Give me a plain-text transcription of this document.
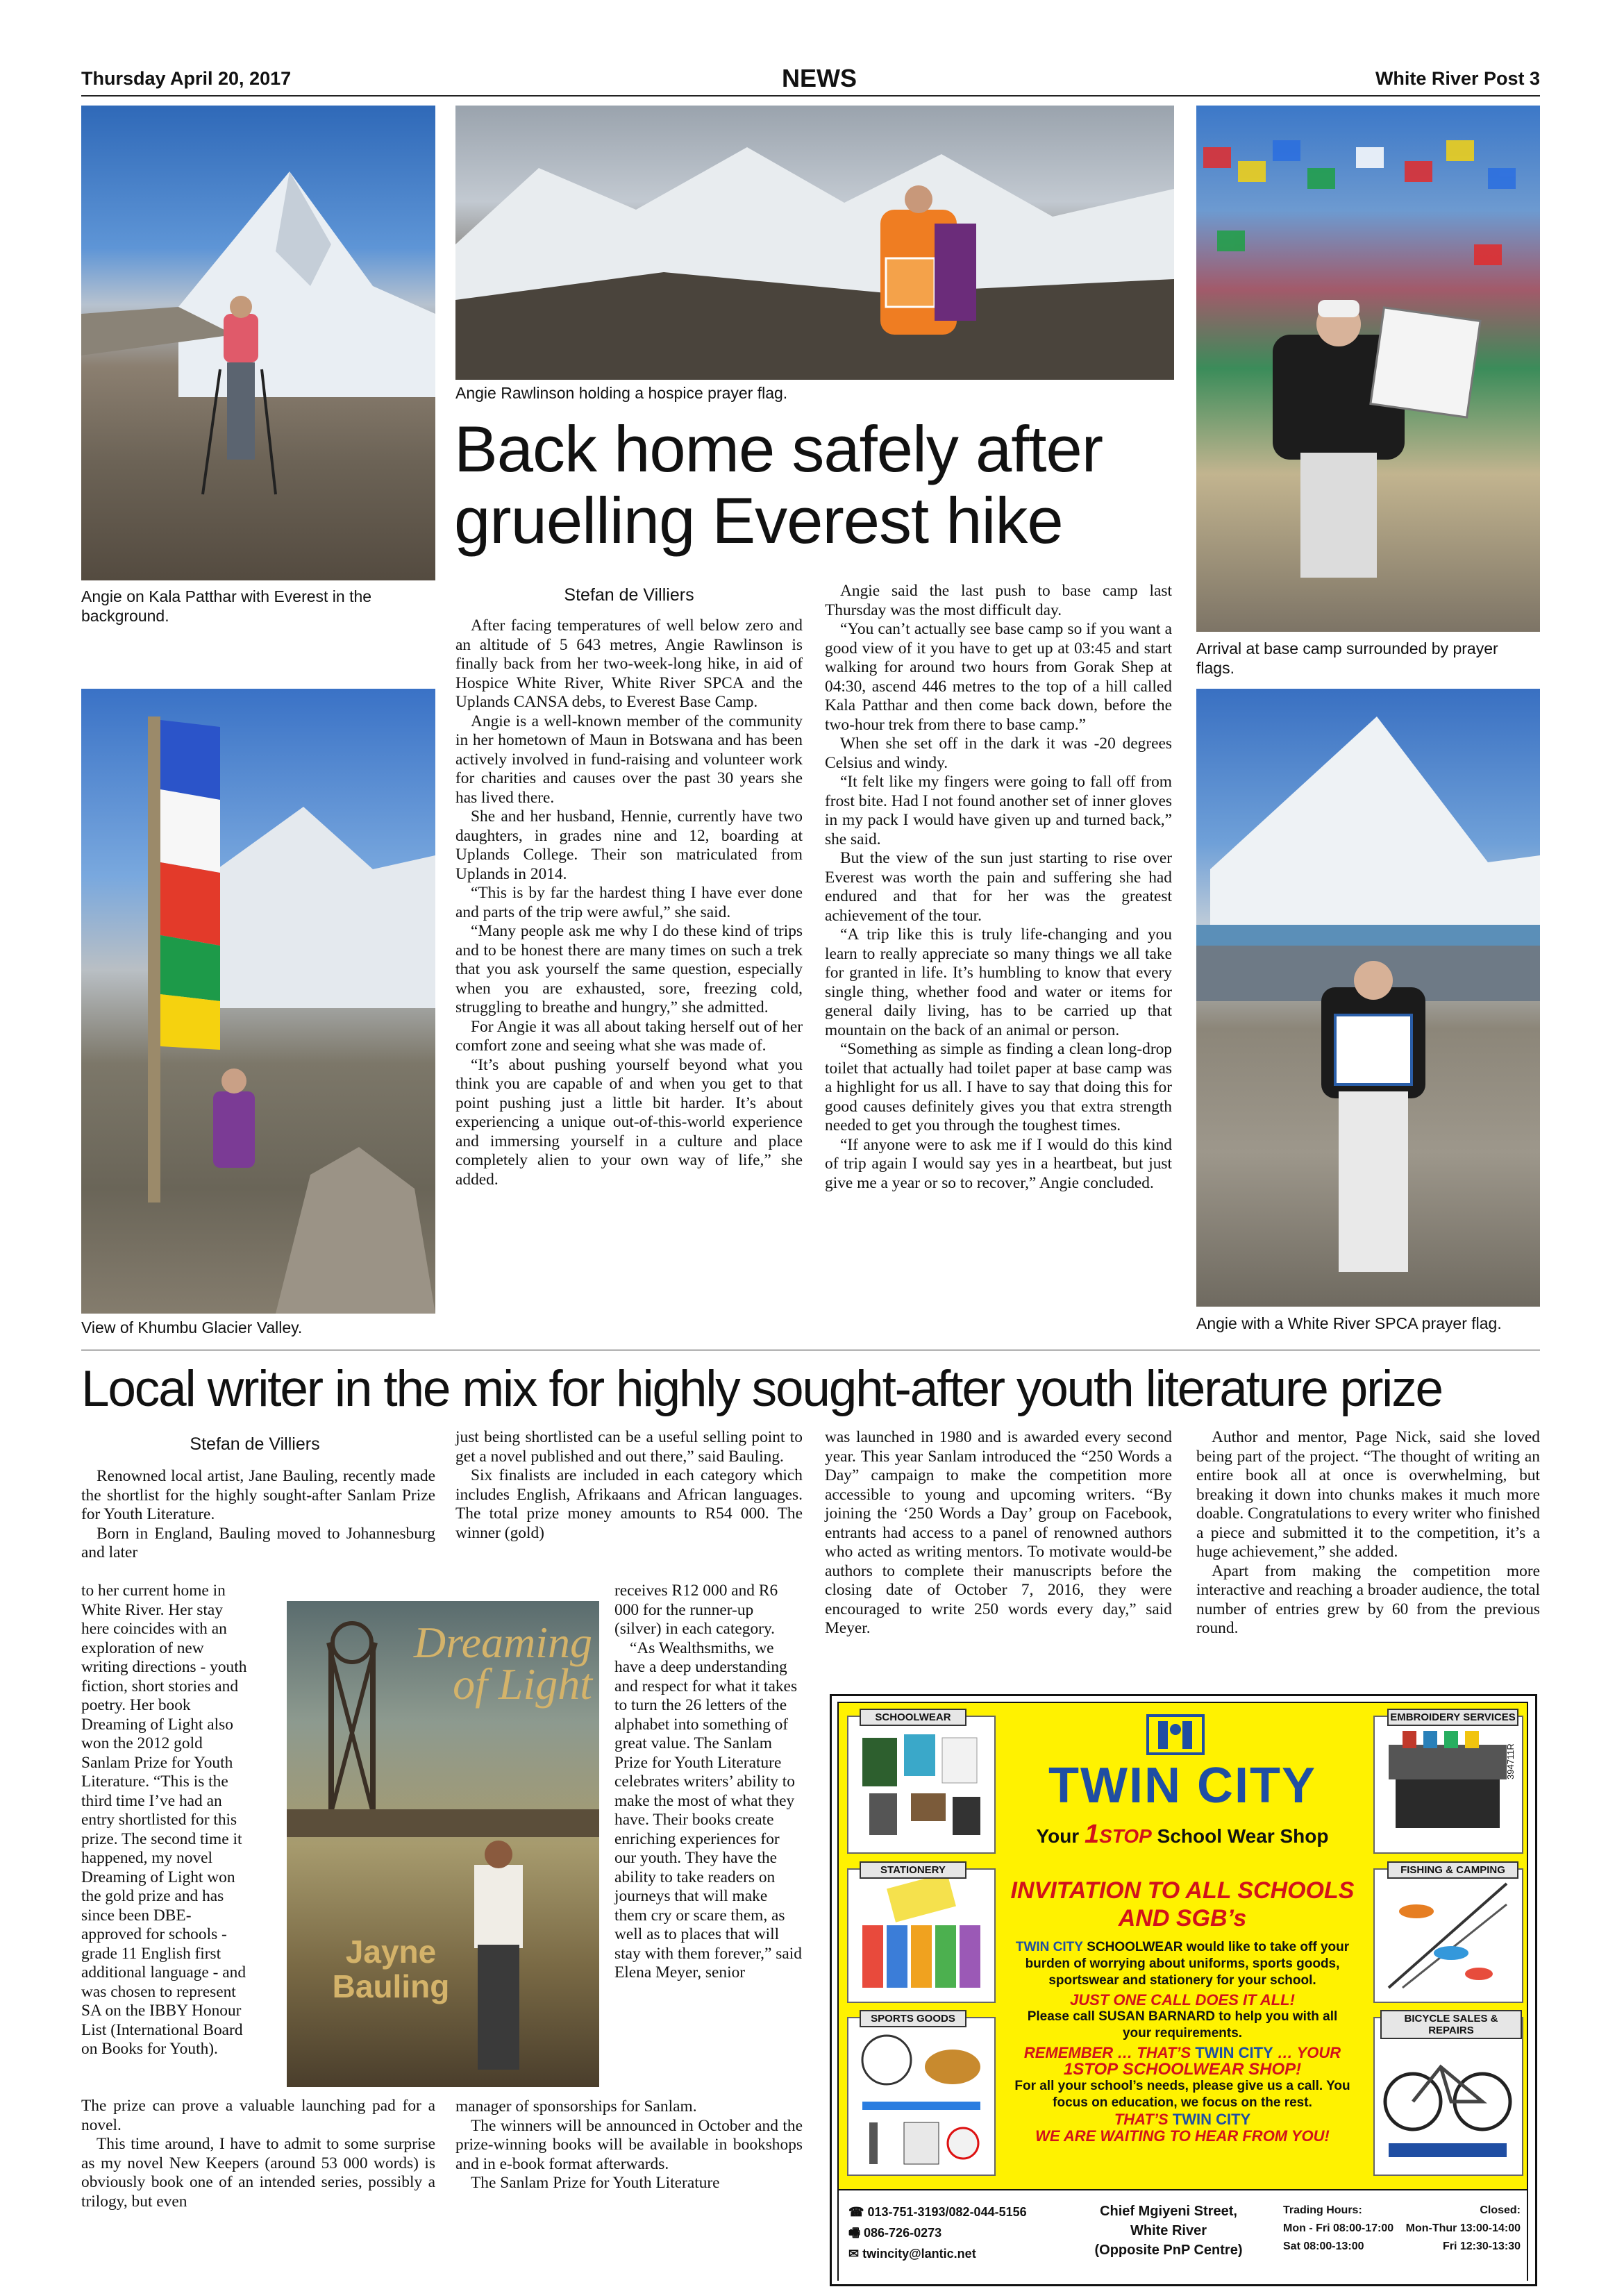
Thursday April 20, 2017	NEWS	White River Post 3
Angie on Kala Patthar with Everest in the background.
Angie Rawlinson holding a hospice prayer flag.
Arrival at base camp surrounded by prayer flags.
View of Khumbu Glacier Valley.	Angie with a White River SPCA prayer flag.
Back home safely after
gruelling Everest hike
Stefan de Villiers

After facing temperatures of well below zero and an altitude of 5 643 metres, Angie Rawlinson is finally back from her two-week-long hike, in aid of Hospice White River, White River SPCA and the Uplands CANSA debs, to Everest Base Camp.

Angie is a well-known member of the community in her hometown of Maun in Botswana and has been actively involved in fund-raising and volunteer work for charities and causes over the past 30 years she has lived there.

She and her husband, Hennie, currently have two daughters, in grades nine and 12, boarding at Uplands College. Their son matriculated from Uplands in 2014.

“This is by far the hardest thing I have ever done and parts of the trip were awful,” she said.

“Many people ask me why I do these kind of trips and to be honest there are many times on such a trek that you ask yourself the same question, especially when you are exhausted, sore, freezing cold, struggling to breathe and hungry,” she admitted.

For Angie it was all about taking herself out of her comfort zone and seeing what she was made of.

“It’s about pushing yourself beyond what you think you are capable of and when you get to that point pushing just a little bit harder. It’s about experiencing a unique out-of-this-world experience and immersing yourself in a culture and place completely alien to your own way of life,” she added.

Angie said the last push to base camp last Thursday was the most difficult day.

“You can’t actually see base camp so if you want a good view of it you have to get up at 03:45 and start walking for around two hours from Gorak Shep at 04:30, ascend 446 metres to the top of a hill called Kala Patthar and then come back down, before the two-hour trek from there to base camp.”

When she set off in the dark it was -20 degrees Celsius and windy.

“It felt like my fingers were going to fall off from frost bite. Had I not found another set of inner gloves in my pack I would have given up and turned back,” she said.

But the view of the sun just starting to rise over Everest was worth the pain and suffering she had endured and that for her was the greatest achievement of the tour.

“A trip like this is truly life-changing and you learn to really appreciate so many things we all take for granted in life. It’s humbling to know that every single thing, whether food and water or items for general daily living, has to be carried up that mountain on the back of an animal or person.

“Something as simple as finding a clean long-drop toilet that actually had toilet paper at base camp was a highlight for us all. I have to say that doing this for good causes definitely gives you that extra strength needed to get you through the toughest times.

“If anyone were to ask me if I would do this kind of trip again I would say yes in a heartbeat, but just give me a year or so to recover,” Angie concluded.

Local writer in the mix for highly sought-after youth literature prize
Stefan de Villiers

Renowned local artist, Jane Bauling, recently made the shortlist for the highly sought-after Sanlam Prize for Youth Literature.

Born in England, Bauling moved to Johannesburg and later

to her current home in White River. Her stay here coincides with an exploration of new writing directions - youth fiction, short stories and poetry. Her book Dreaming of Light also won the 2012 gold Sanlam Prize for Youth Literature. “This is the third time I’ve had an entry shortlisted for this prize. The second time it happened, my novel Dreaming of Light won the gold prize and has since been DBE-approved for schools - grade 11 English first additional language - and was chosen to represent SA on the IBBY Honour List (International Board on Books for Youth).

The prize can prove a valuable launching pad for a novel.

This time around, I have to admit to some surprise as my novel New Keepers (around 53 000 words) is obviously book one of an intended series, possibly a trilogy, but even

Dreaming
of Light
Jayne
Bauling

just being shortlisted can be a useful selling point to get a novel published and out there,” said Bauling.

Six finalists are included in each category which includes English, Afrikaans and African languages. The total prize money amounts to R54 000. The winner (gold)

receives R12 000 and R6 000 for the runner-up (silver) in each category.

“As Wealthsmiths, we have a deep understanding and respect for what it takes to turn the 26 letters of the alphabet into something of great value. The Sanlam Prize for Youth Literature celebrates writers’ ability to make the most of what they have. Their books create enriching experiences for our youth. They have the ability to take readers on journeys that will make them cry or scare them, as well as to places that will stay with them forever,” said Elena Meyer, senior

manager of sponsorships for Sanlam.

The winners will be announced in October and the prize-winning books will be available in bookshops and in e-book format afterwards.

The Sanlam Prize for Youth Literature

was launched in 1980 and is awarded every second year. This year Sanlam introduced the “250 Words a Day” campaign to make the competition more accessible to young and upcoming writers. “By joining the ‘250 Words a Day’ group on Facebook, entrants had access to a panel of renowned authors who acted as writing mentors. To motivate would-be authors to complete their manuscripts before the closing date of October 7, 2016, they were encouraged to write 250 words every day,” said Meyer.

Author and mentor, Page Nick, said she loved being part of the project. “The thought of writing an entire book all at once is overwhelming, but breaking it down into chunks makes it much more doable. Congratulations to every writer who finished a piece and submitted it to the competition, it’s a huge achievement,” she added.

Apart from making the competition more interactive and reaching a broader audience, the total number of entries grew by 60 from the previous round.

SCHOOLWEAR
STATIONERY
SPORTS GOODS
EMBROIDERY SERVICES
394711R
FISHING & CAMPING
BICYCLE SALES & REPAIRS
TWIN CITY
Your 1STOP School Wear Shop
INVITATION TO ALL SCHOOLS
AND SGB’s
TWIN CITY SCHOOLWEAR would like to take off your
burden of worrying about uniforms, sports goods,
sportswear and stationery for your school.
JUST ONE CALL DOES IT ALL!
Please call SUSAN BARNARD to help you with all
your requirements.
REMEMBER … THAT’S TWIN CITY … YOUR
1STOP SCHOOLWEAR SHOP!
For all your school’s needs, please give us a call. You
focus on education, we focus on the rest.
THAT’S TWIN CITY
WE ARE WAITING TO HEAR FROM YOU!
☎ 013-751-3193/082-044-5156
🖷 086-726-0273
✉ twincity@lantic.net
Chief Mgiyeni Street,
White River
(Opposite PnP Centre)
Trading Hours:
Mon - Fri 08:00-17:00
Sat 08:00-13:00
Closed:
Mon-Thur 13:00-14:00
Fri 12:30-13:30
